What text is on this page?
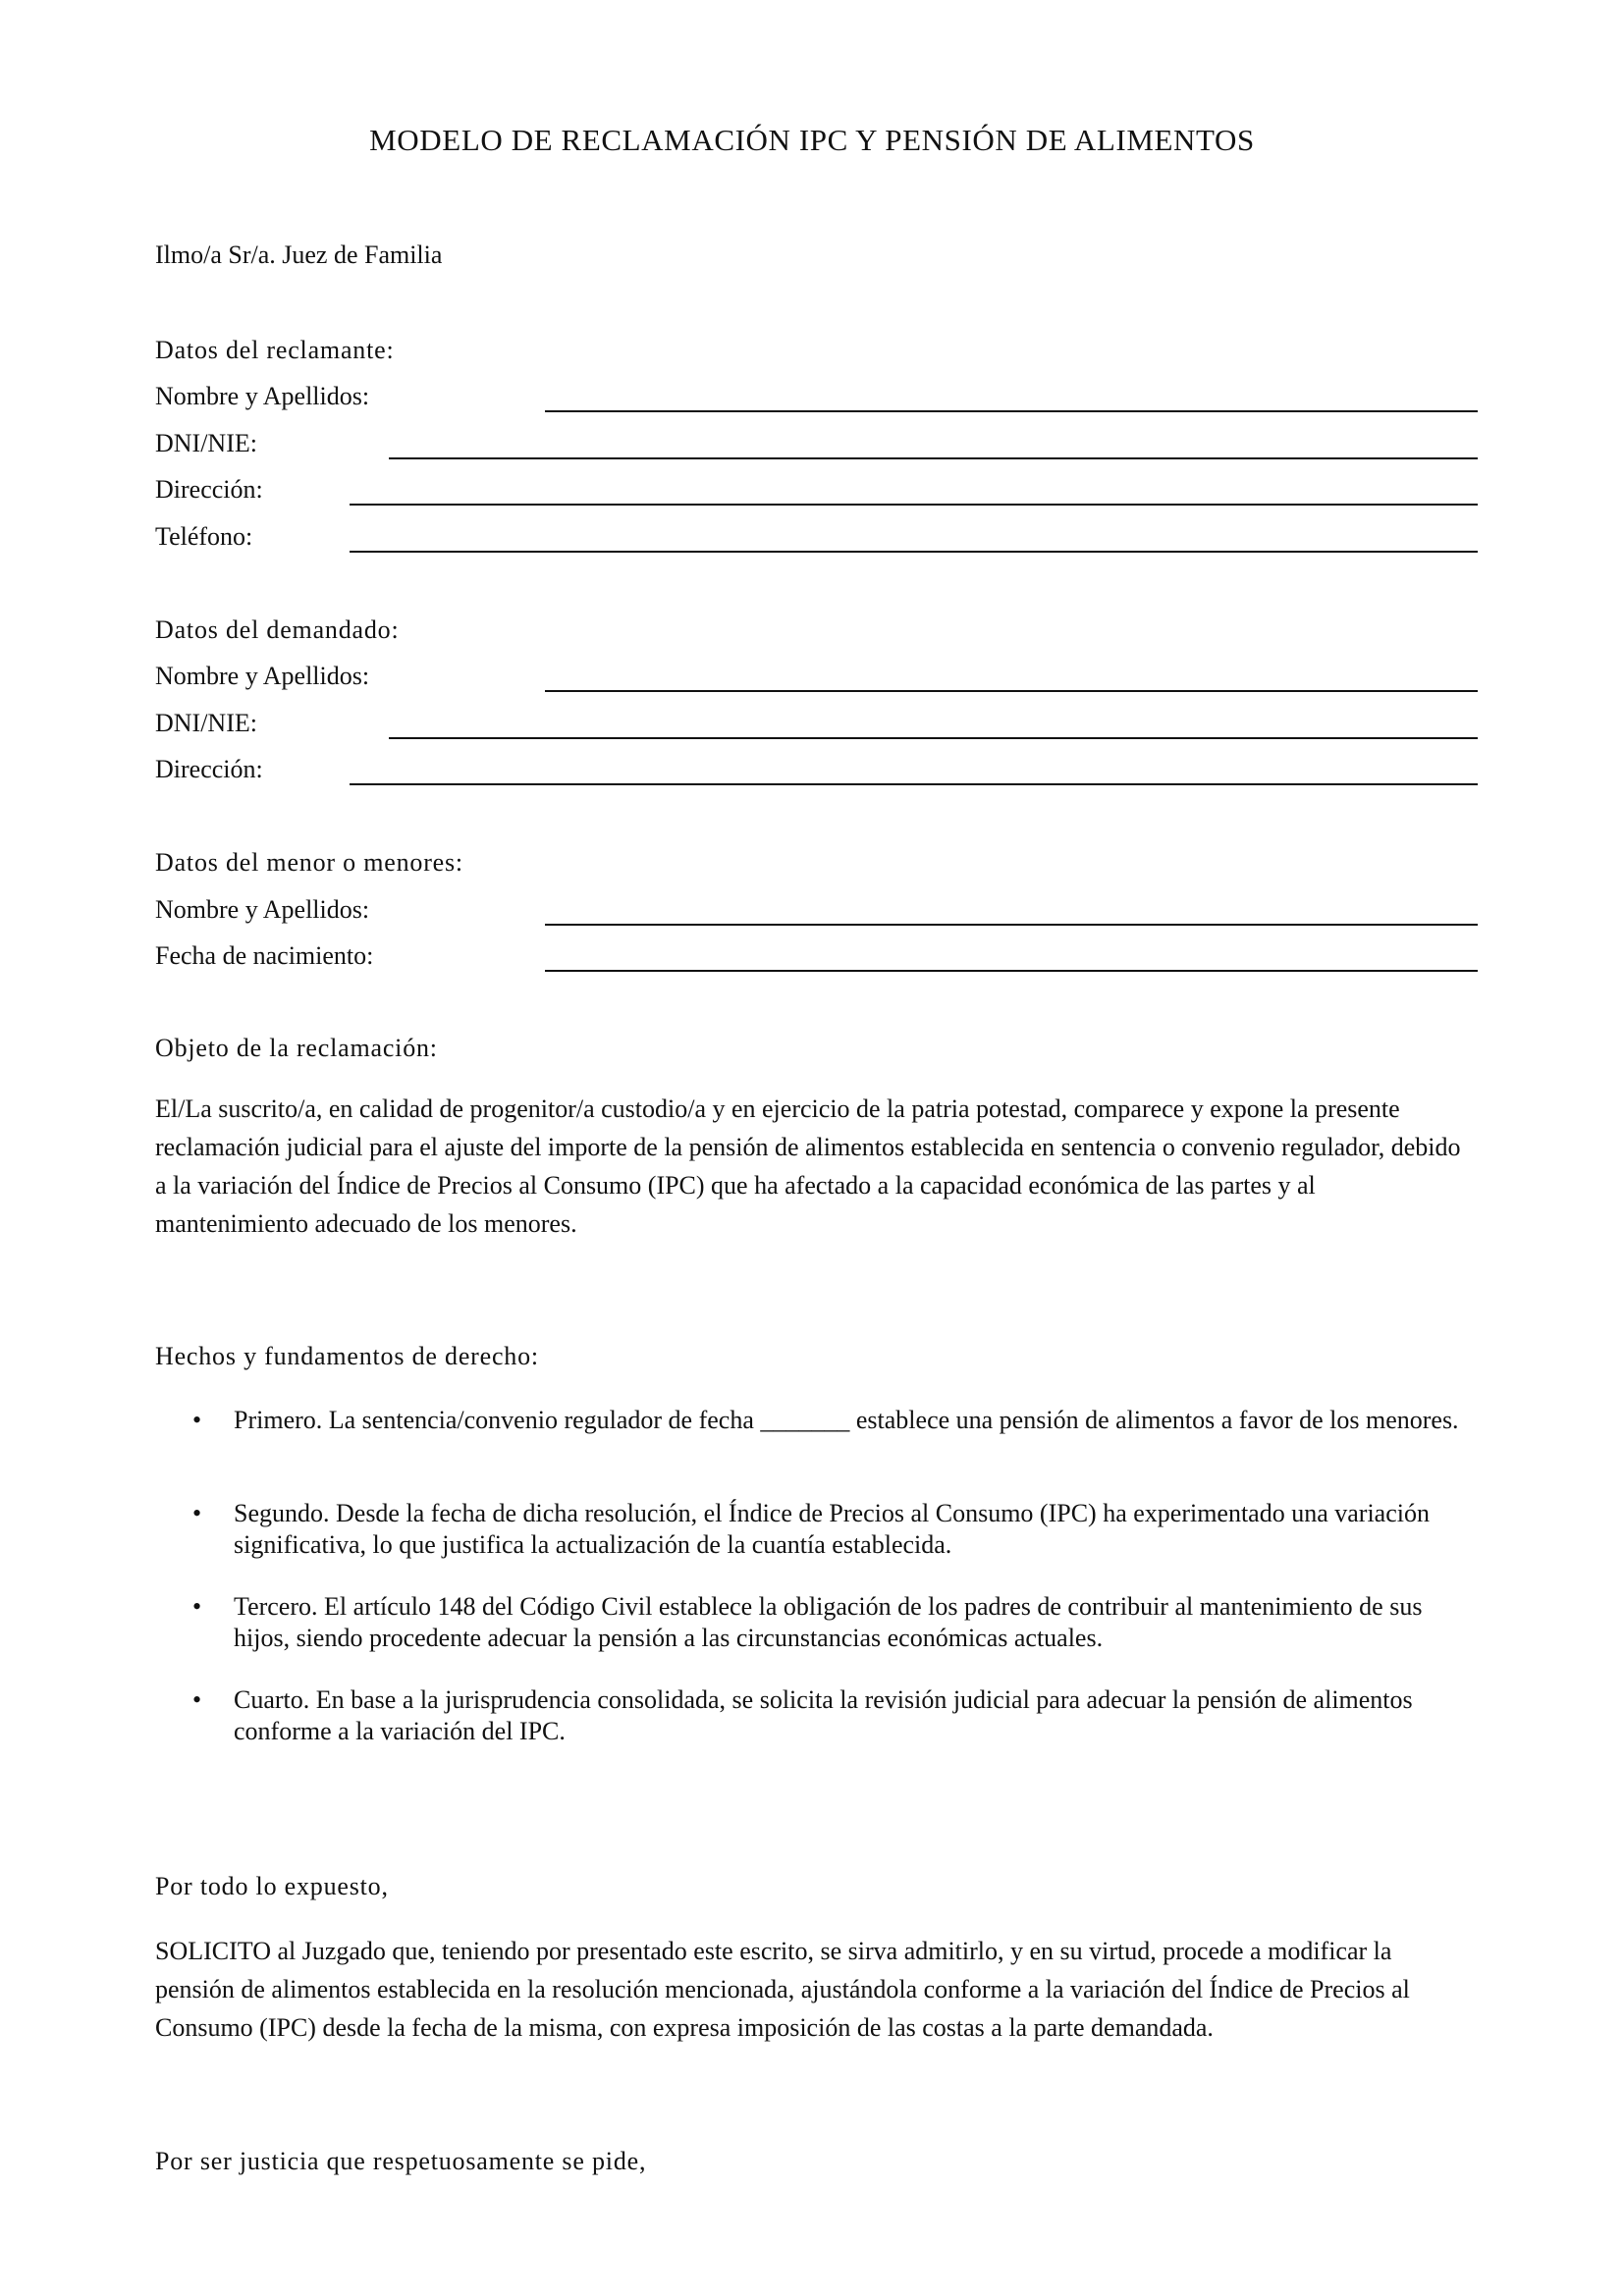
MODELO DE RECLAMACIÓN IPC Y PENSIÓN DE ALIMENTOS
Ilmo/a Sr/a. Juez de Familia
Datos del reclamante:
Nombre y Apellidos:
DNI/NIE:
Dirección:
Teléfono:
Datos del demandado:
Nombre y Apellidos:
DNI/NIE:
Dirección:
Datos del menor o menores:
Nombre y Apellidos:
Fecha de nacimiento:
Objeto de la reclamación:
El/La suscrito/a, en calidad de progenitor/a custodio/a y en ejercicio de la patria potestad, comparece y expone la presente reclamación judicial para el ajuste del importe de la pensión de alimentos establecida en sentencia o convenio regulador, debido a la variación del Índice de Precios al Consumo (IPC) que ha afectado a la capacidad económica de las partes y al mantenimiento adecuado de los menores.
Hechos y fundamentos de derecho:
• Primero. La sentencia/convenio regulador de fecha _______ establece una pensión de alimentos a favor de los menores.
• Segundo. Desde la fecha de dicha resolución, el Índice de Precios al Consumo (IPC) ha experimentado una variación significativa, lo que justifica la actualización de la cuantía establecida.
• Tercero. El artículo 148 del Código Civil establece la obligación de los padres de contribuir al mantenimiento de sus hijos, siendo procedente adecuar la pensión a las circunstancias económicas actuales.
• Cuarto. En base a la jurisprudencia consolidada, se solicita la revisión judicial para adecuar la pensión de alimentos conforme a la variación del IPC.
Por todo lo expuesto,
SOLICITO al Juzgado que, teniendo por presentado este escrito, se sirva admitirlo, y en su virtud, procede a modificar la pensión de alimentos establecida en la resolución mencionada, ajustándola conforme a la variación del Índice de Precios al Consumo (IPC) desde la fecha de la misma, con expresa imposición de las costas a la parte demandada.
Por ser justicia que respetuosamente se pide,
